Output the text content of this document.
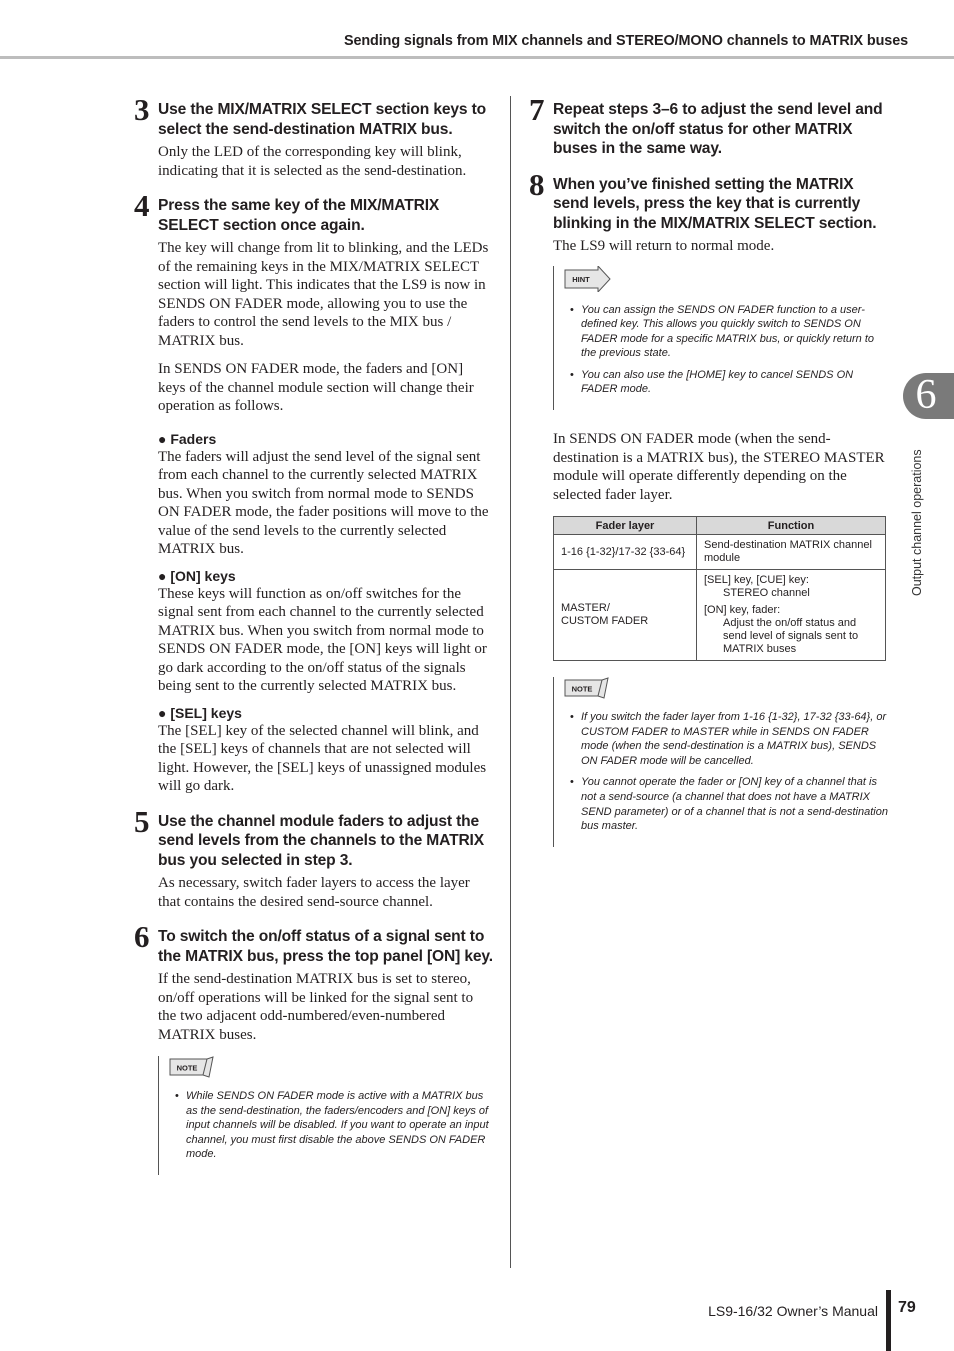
Sending signals from MIX channels and STEREO/MONO channels to MATRIX buses
3 Use the MIX/MATRIX SELECT section keys to select the send-destination MATRIX bus.
Only the LED of the corresponding key will blink, indicating that it is selected as the send-destination.
4 Press the same key of the MIX/MATRIX SELECT section once again.
The key will change from lit to blinking, and the LEDs of the remaining keys in the MIX/MATRIX SELECT section will light. This indicates that the LS9 is now in SENDS ON FADER mode, allowing you to use the faders to control the send levels to the MIX bus / MATRIX bus.
In SENDS ON FADER mode, the faders and [ON] keys of the channel module section will change their operation as follows.
● Faders
The faders will adjust the send level of the signal sent from each channel to the currently selected MATRIX bus. When you switch from normal mode to SENDS ON FADER mode, the fader positions will move to the value of the send levels to the currently selected MATRIX bus.
● [ON] keys
These keys will function as on/off switches for the signal sent from each channel to the currently selected MATRIX bus. When you switch from normal mode to SENDS ON FADER mode, the [ON] keys will light or go dark according to the on/off status of the signals being sent to the currently selected MATRIX bus.
● [SEL] keys
The [SEL] key of the selected channel will blink, and the [SEL] keys of channels that are not selected will light. However, the [SEL] keys of unassigned modules will go dark.
5 Use the channel module faders to adjust the send levels from the channels to the MATRIX bus you selected in step 3.
As necessary, switch fader layers to access the layer that contains the desired send-source channel.
6 To switch the on/off status of a signal sent to the MATRIX bus, press the top panel [ON] key.
If the send-destination MATRIX bus is set to stereo, on/off operations will be linked for the signal sent to the two adjacent odd-numbered/even-numbered MATRIX buses.
NOTE
• While SENDS ON FADER mode is active with a MATRIX bus as the send-destination, the faders/encoders and [ON] keys of input channels will be disabled. If you want to operate an input channel, you must first disable the above SENDS ON FADER mode.
7 Repeat steps 3–6 to adjust the send level and switch the on/off status for other MATRIX buses in the same way.
8 When you’ve finished setting the MATRIX send levels, press the key that is currently blinking in the MIX/MATRIX SELECT section.
The LS9 will return to normal mode.
HINT
• You can assign the SENDS ON FADER function to a user-defined key. This allows you quickly switch to SENDS ON FADER mode for a specific MATRIX bus, or quickly return to the previous state.
• You can also use the [HOME] key to cancel SENDS ON FADER mode.
In SENDS ON FADER mode (when the send-destination is a MATRIX bus), the STEREO MASTER module will operate differently depending on the selected fader layer.
Fader layer	Function
1-16 {1-32}/17-32 {33-64}	Send-destination MATRIX channel module

MASTER/
CUSTOM FADER	[SEL] key, [CUE] key:
STEREO channel
[ON] key, fader:
Adjust the on/off status and send level of signals sent to MATRIX buses
NOTE
• If you switch the fader layer from 1-16 {1-32}, 17-32 {33-64}, or CUSTOM FADER to MASTER while in SENDS ON FADER mode (when the send-destination is a MATRIX bus), SENDS ON FADER mode will be cancelled.
• You cannot operate the fader or [ON] key of a channel that is not a send-source (a channel that does not have a MATRIX SEND parameter) or of a channel that is not a send-destination bus master.
6
Output channel operations
LS9-16/32 Owner’s Manual 79
